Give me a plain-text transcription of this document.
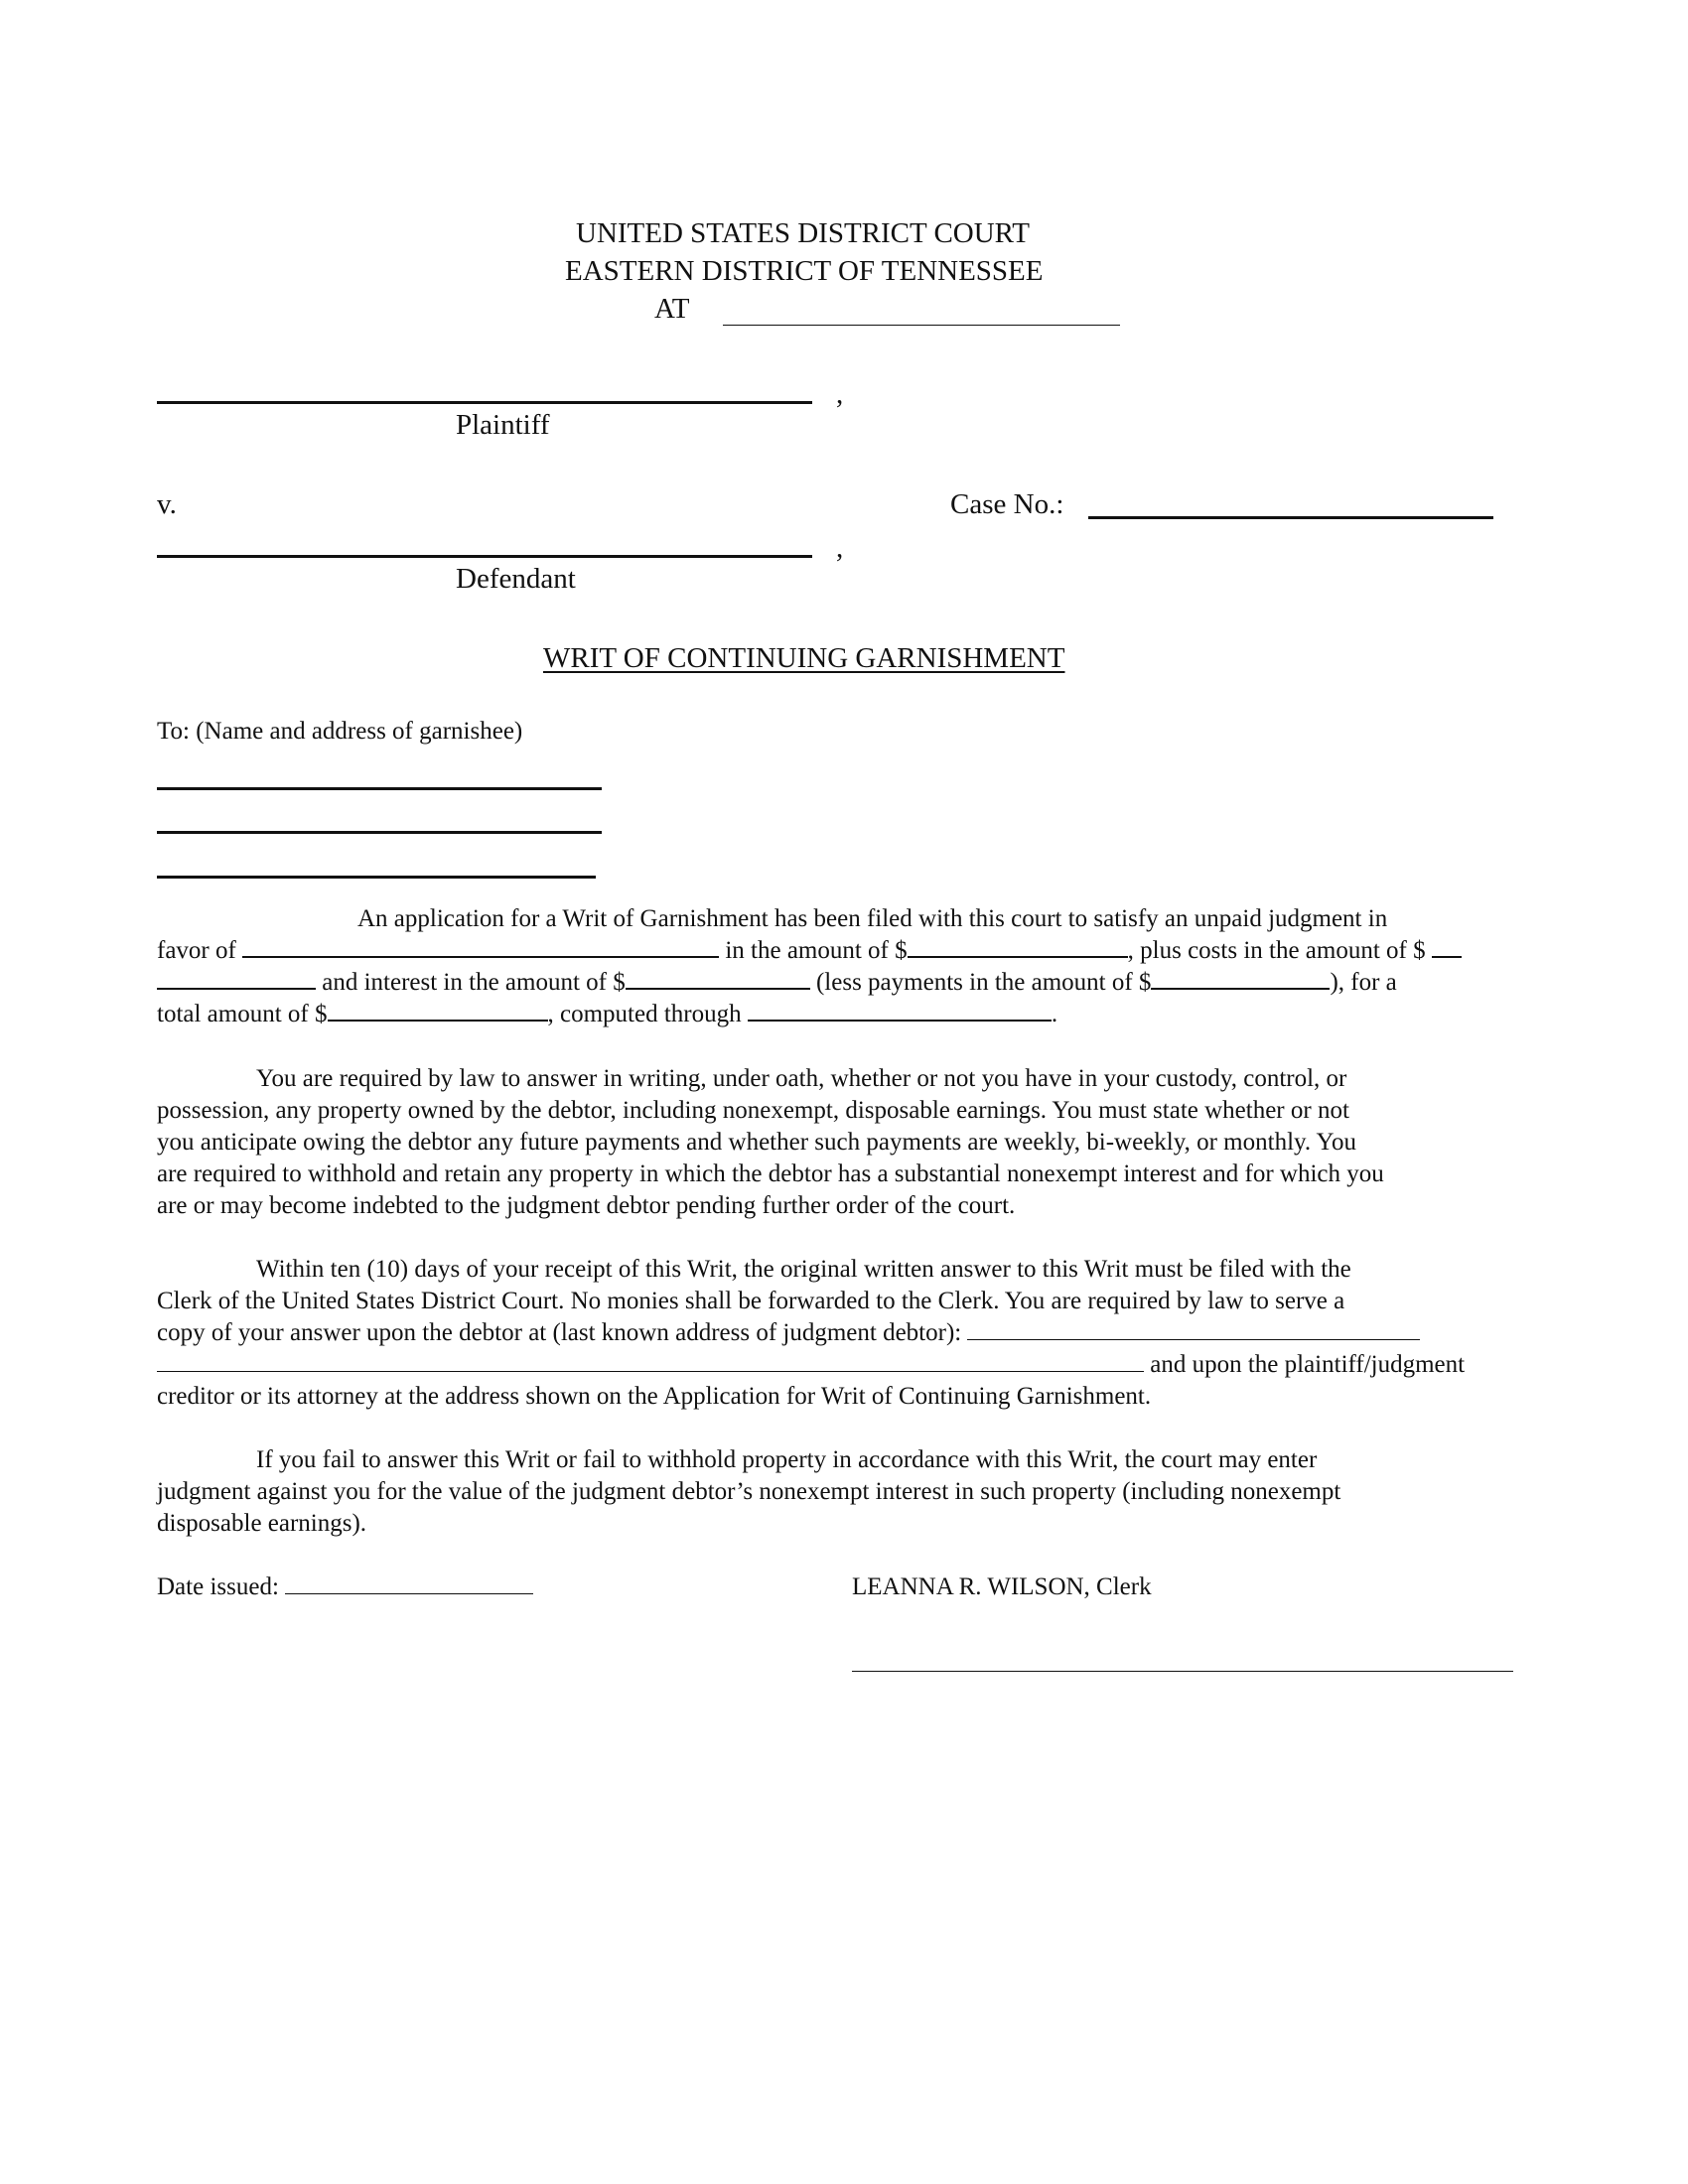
UNITED STATES DISTRICT COURT
EASTERN DISTRICT OF TENNESSEE
AT
,
Plaintiff
v.	Case No.:
,
Defendant
WRIT OF CONTINUING GARNISHMENT
To: (Name and address of garnishee)
An application for a Writ of Garnishment has been filed with this court to satisfy an unpaid judgment in
favor of	in the amount of $	, plus costs in the amount of $
and interest in the amount of $	(less payments in the amount of $	), for a
total amount of $	, computed through	.
You are required by law to answer in writing, under oath, whether or not you have in your custody, control, or
possession, any property owned by the debtor, including nonexempt, disposable earnings. You must state whether or not
you anticipate owing the debtor any future payments and whether such payments are weekly, bi-weekly, or monthly. You
are required to withhold and retain any property in which the debtor has a substantial nonexempt interest and for which you
are or may become indebted to the judgment debtor pending further order of the court.
Within ten (10) days of your receipt of this Writ, the original written answer to this Writ must be filed with the
Clerk of the United States District Court. No monies shall be forwarded to the Clerk. You are required by law to serve a
copy of your answer upon the debtor at (last known address of judgment debtor):
and upon the plaintiff/judgment
creditor or its attorney at the address shown on the Application for Writ of Continuing Garnishment.
If you fail to answer this Writ or fail to withhold property in accordance with this Writ, the court may enter
judgment against you for the value of the judgment debtor’s nonexempt interest in such property (including nonexempt
disposable earnings).
Date issued:	LEANNA R. WILSON, Clerk
